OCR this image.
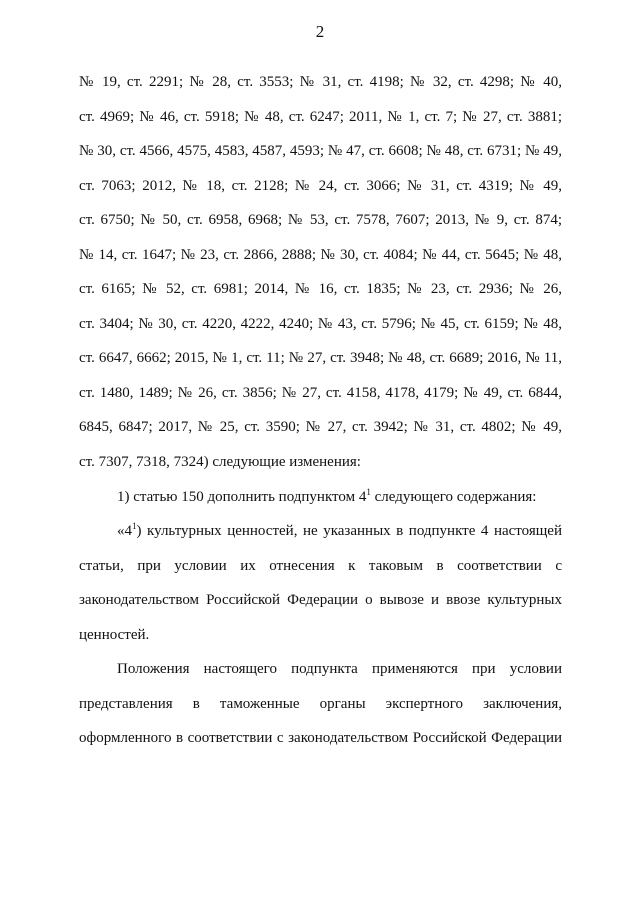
2
№ 19, ст. 2291; № 28, ст. 3553; № 31, ст. 4198; № 32, ст. 4298; № 40,
ст. 4969; № 46, ст. 5918; № 48, ст. 6247; 2011, № 1, ст. 7; № 27, ст. 3881;
№ 30, ст. 4566, 4575, 4583, 4587, 4593; № 47, ст. 6608; № 48, ст. 6731; № 49,
ст. 7063; 2012, № 18, ст. 2128; № 24, ст. 3066; № 31, ст. 4319; № 49,
ст. 6750; № 50, ст. 6958, 6968; № 53, ст. 7578, 7607; 2013, № 9, ст. 874;
№ 14, ст. 1647; № 23, ст. 2866, 2888; № 30, ст. 4084; № 44, ст. 5645; № 48,
ст. 6165; № 52, ст. 6981; 2014, № 16, ст. 1835; № 23, ст. 2936; № 26,
ст. 3404; № 30, ст. 4220, 4222, 4240; № 43, ст. 5796; № 45, ст. 6159; № 48,
ст. 6647, 6662; 2015, № 1, ст. 11; № 27, ст. 3948; № 48, ст. 6689; 2016, № 11,
ст. 1480, 1489; № 26, ст. 3856; № 27, ст. 4158, 4178, 4179; № 49, ст. 6844,
6845, 6847; 2017, № 25, ст. 3590; № 27, ст. 3942; № 31, ст. 4802; № 49,
ст. 7307, 7318, 7324) следующие изменения:
1) статью 150 дополнить подпунктом $4^1$ следующего содержания:
«$4^1$) культурных ценностей, не указанных в подпункте 4 настоящей
статьи, при условии их отнесения к таковым в соответствии с
законодательством Российской Федерации о вывозе и ввозе культурных
ценностей.
Положения настоящего подпункта применяются при условии
представления в таможенные органы экспертного заключения,
оформленного в соответствии с законодательством Российской Федерации
